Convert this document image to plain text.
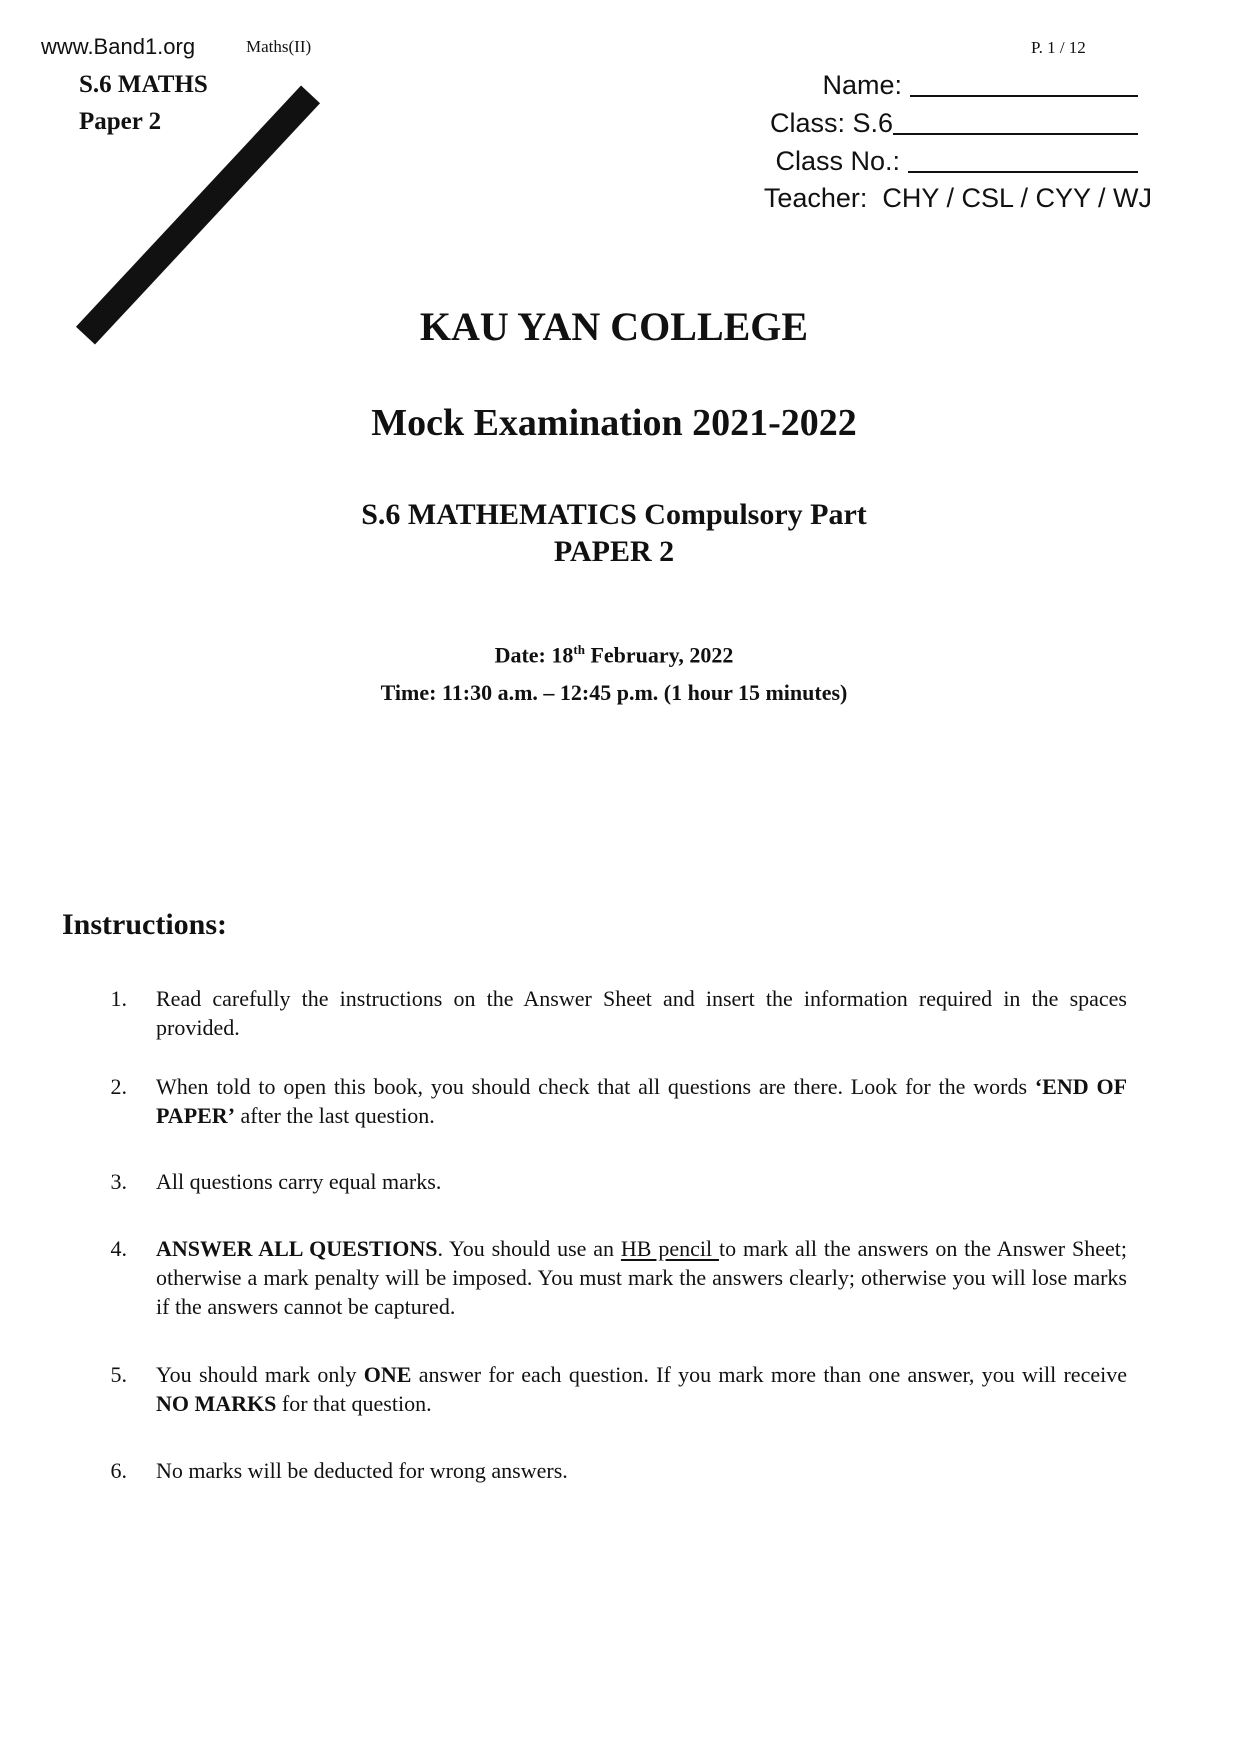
www.Band1.org	Maths(II)	P. 1 / 12
MC
S.6 MATHS
Paper 2
Name:
Class: S.6
Class No.:
Teacher: CHY / CSL / CYY / WJ
KAU YAN COLLEGE
Mock Examination 2021-2022
S.6 MATHEMATICS Compulsory Part
PAPER 2
Date: 18th February, 2022
Time: 11:30 a.m. – 12:45 p.m. (1 hour 15 minutes)
Instructions:
1. Read carefully the instructions on the Answer Sheet and insert the information required in the spaces provided.
2. When told to open this book, you should check that all questions are there. Look for the words ‘END OF PAPER’ after the last question.
3. All questions carry equal marks.
4. ANSWER ALL QUESTIONS. You should use an HB pencil to mark all the answers on the Answer Sheet; otherwise a mark penalty will be imposed. You must mark the answers clearly; otherwise you will lose marks if the answers cannot be captured.
5. You should mark only ONE answer for each question. If you mark more than one answer, you will receive NO MARKS for that question.
6. No marks will be deducted for wrong answers.
